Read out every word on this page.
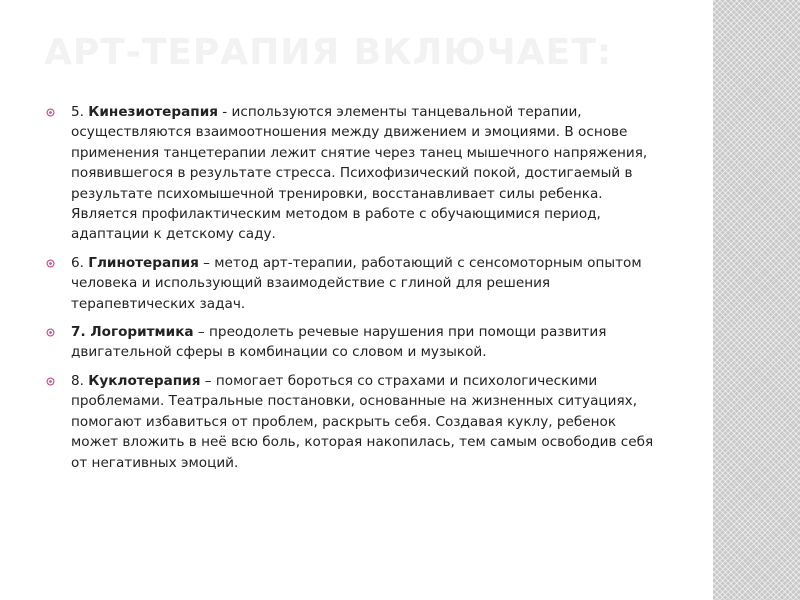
АРТ-ТЕРАПИЯ ВКЛЮЧАЕТ:
5. Кинезиотерапия - используются элементы танцевальной терапии, осуществляются взаимоотношения между движением и эмоциями. В основе применения танцетерапии лежит снятие через танец мышечного напряжения, появившегося в результате стресса. Психофизический покой, достигаемый в результате психомышечной тренировки, восстанавливает силы ребенка. Является профилактическим методом в работе с обучающимися период, адаптации к детскому саду.
6. Глинотерапия – метод арт-терапии, работающий с сенсомоторным опытом человека и использующий взаимодействие с глиной для решения терапевтических задач.
7. Логоритмика – преодолеть речевые нарушения при помощи развития двигательной сферы в комбинации со словом и музыкой.
8. Куклотерапия – помогает бороться со страхами и психологическими проблемами. Театральные постановки, основанные на жизненных ситуациях, помогают избавиться от проблем, раскрыть себя. Создавая куклу, ребенок может вложить в неё всю боль, которая накопилась, тем самым освободив себя от негативных эмоций.
